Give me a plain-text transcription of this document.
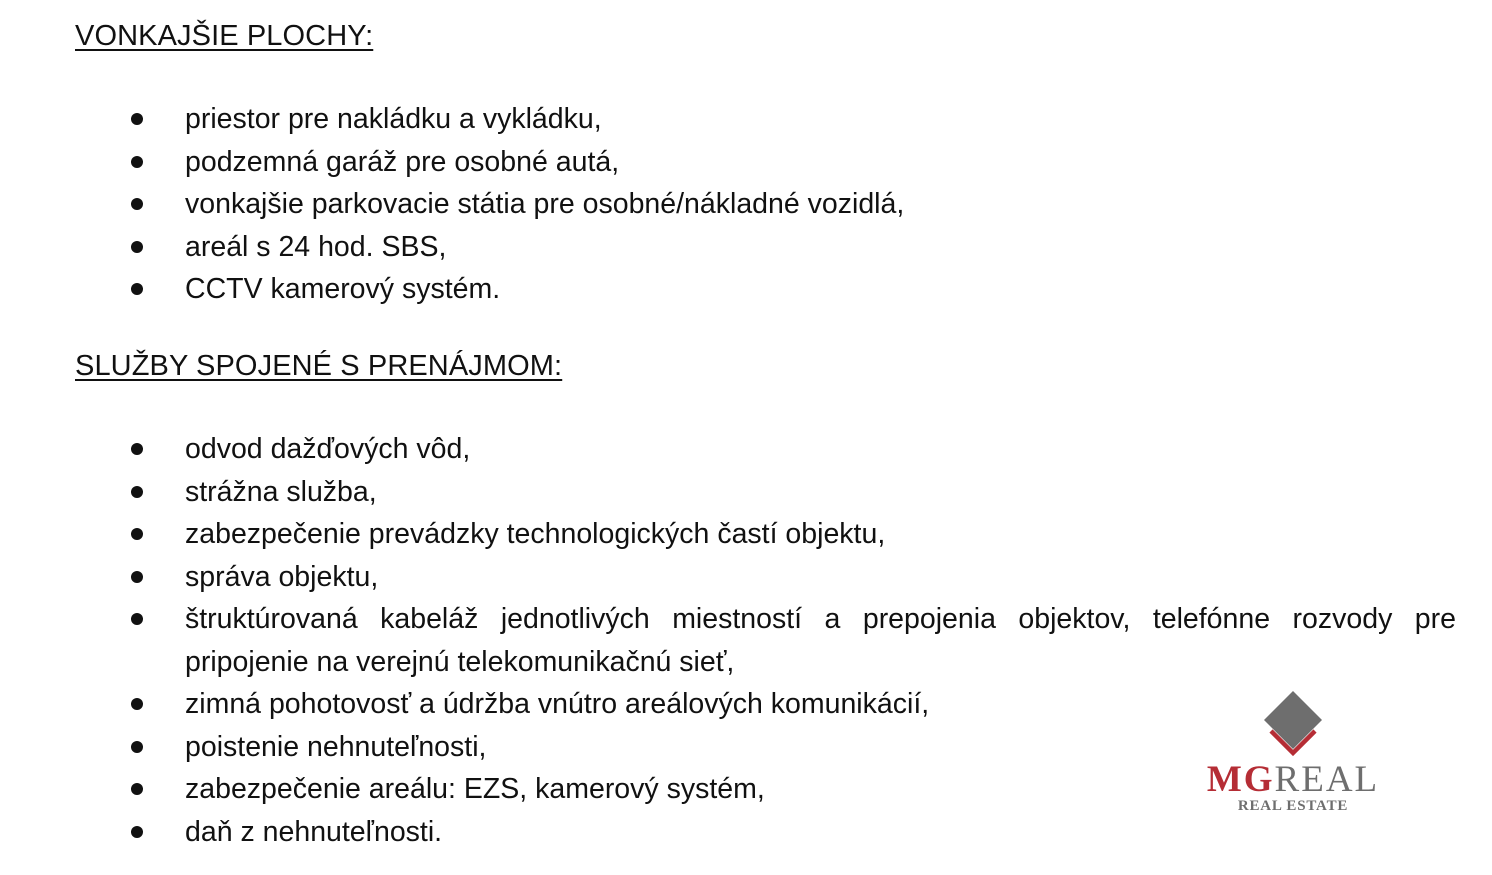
VONKAJŠIE PLOCHY:
priestor pre nakládku a vykládku,
podzemná garáž pre osobné autá,
vonkajšie parkovacie státia pre osobné/nákladné vozidlá,
areál s 24 hod. SBS,
CCTV kamerový systém.
SLUŽBY SPOJENÉ S PRENÁJMOM:
odvod dažďových vôd,
strážna služba,
zabezpečenie prevádzky technologických častí objektu,
správa objektu,
štruktúrovaná kabeláž jednotlivých miestností a prepojenia objektov, telefónne rozvody pre pripojenie na verejnú telekomunikačnú sieť,
zimná pohotovosť a údržba vnútro areálových komunikácií,
poistenie nehnuteľnosti,
zabezpečenie areálu: EZS, kamerový systém,
daň z nehnuteľnosti.
MGREAL
REAL ESTATE
